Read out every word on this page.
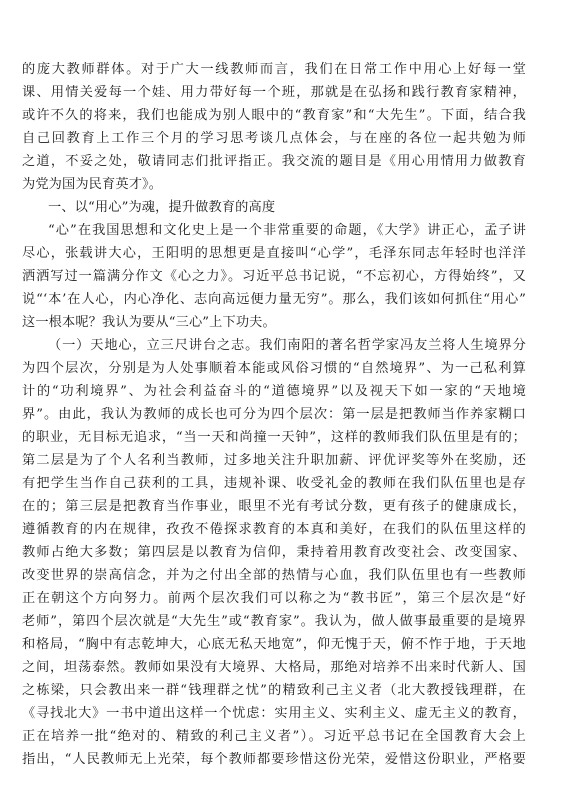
的庞大教师群体。对于广大一线教师而言，我们在日常工作中用心上好每一堂
课、用情关爱每一个娃、用力带好每一个班，那就是在弘扬和践行教育家精神，
或许不久的将来，我们也能成为别人眼中的“教育家”和“大先生”。下面，结合我
自己回教育上工作三个月的学习思考谈几点体会，与在座的各位一起共勉为师
之道，不妥之处，敬请同志们批评指正。我交流的题目是《用心用情用力做教育
为党为国为民育英才》。
一、以“用心”为魂，提升做教育的高度
“心”在我国思想和文化史上是一个非常重要的命题，《大学》讲正心，孟子讲
尽心，张载讲大心，王阳明的思想更是直接叫“心学”，毛泽东同志年轻时也洋洋
洒洒写过一篇满分作文《心之力》。习近平总书记说，“不忘初心，方得始终”，又
说“‘本’在人心，内心净化、志向高远便力量无穷”。那么，我们该如何抓住“用心”
这一根本呢？我认为要从“三心”上下功夫。
（一）天地心，立三尺讲台之志。我们南阳的著名哲学家冯友兰将人生境界分
为四个层次，分别是为人处事顺着本能或风俗习惯的“自然境界”、为一己私利算
计的“功利境界”、为社会利益奋斗的“道德境界”以及视天下如一家的“天地境
界”。由此，我认为教师的成长也可分为四个层次：第一层是把教师当作养家糊口
的职业，无目标无追求，“当一天和尚撞一天钟”，这样的教师我们队伍里是有的；
第二层是为了个人名利当教师，过多地关注升职加薪、评优评奖等外在奖励，还
有把学生当作自己获利的工具，违规补课、收受礼金的教师在我们队伍里也是存
在的；第三层是把教育当作事业，眼里不光有考试分数，更有孩子的健康成长，
遵循教育的内在规律，孜孜不倦探求教育的本真和美好，在我们的队伍里这样的
教师占绝大多数；第四层是以教育为信仰，秉持着用教育改变社会、改变国家、
改变世界的崇高信念，并为之付出全部的热情与心血，我们队伍里也有一些教师
正在朝这个方向努力。前两个层次我们可以称之为“教书匠”，第三个层次是“好
老师”，第四个层次就是“大先生”或“教育家”。我认为，做人做事最重要的是境界
和格局，“胸中有志乾坤大，心底无私天地宽”，仰无愧于天，俯不怍于地，于天地
之间，坦荡泰然。教师如果没有大境界、大格局，那绝对培养不出来时代新人、国
之栋梁，只会教出来一群“钱理群之忧”的精致利己主义者（北大教授钱理群，在
《寻找北大》一书中道出这样一个忧虑：实用主义、实利主义、虚无主义的教育，
正在培养一批“绝对的、精致的利己主义者”）。习近平总书记在全国教育大会上
指出，“人民教师无上光荣，每个教师都要珍惜这份光荣，爱惜这份职业，严格要
